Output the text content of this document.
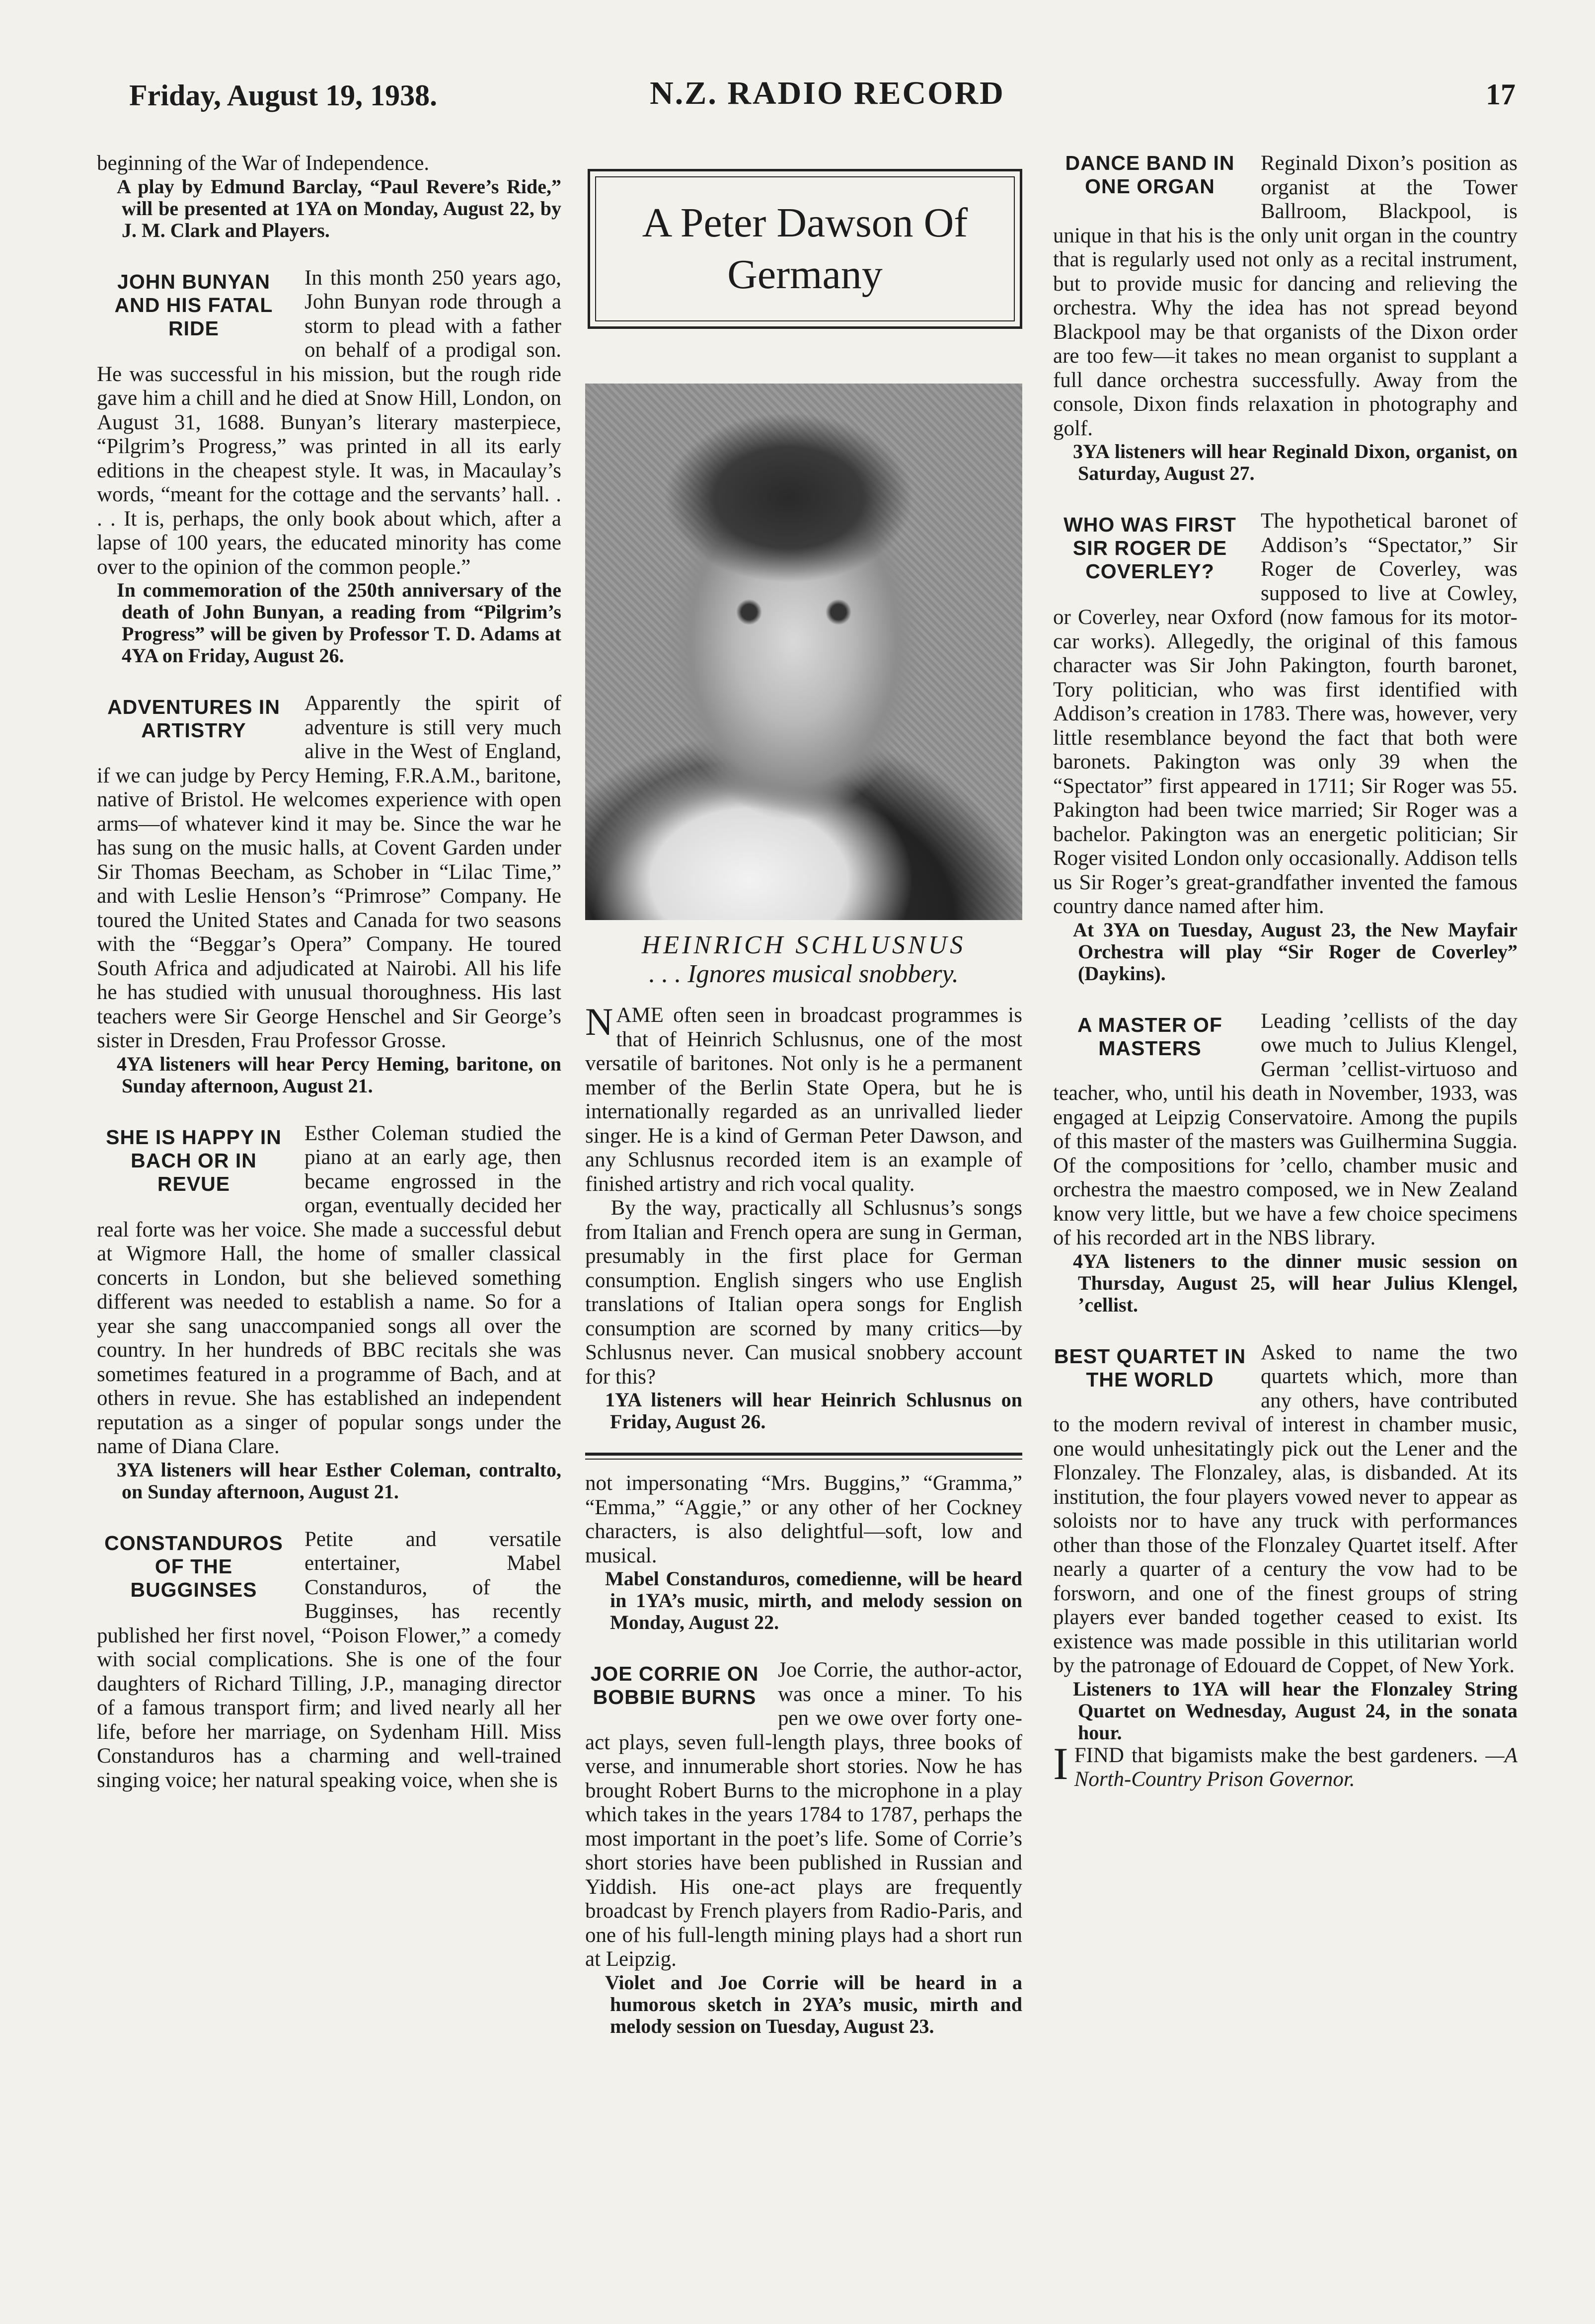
Friday, August 19, 1938.	N.Z. RADIO RECORD	17

beginning of the War of Independence.

A play by Edmund Barclay, “Paul Revere’s Ride,” will be presented at 1YA on Monday, August 22, by J. M. Clark and Players.

JOHN BUNYAN AND HIS FATAL RIDE

In this month 250 years ago, John Bunyan rode through a storm to plead with a father on behalf of a prodigal son. He was successful in his mission, but the rough ride gave him a chill and he died at Snow Hill, London, on August 31, 1688. Bunyan’s literary masterpiece, “Pilgrim’s Progress,” was printed in all its early editions in the cheapest style. It was, in Macaulay’s words, “meant for the cottage and the servants’ hall. . . . It is, perhaps, the only book about which, after a lapse of 100 years, the educated minority has come over to the opinion of the common people.”

In commemoration of the 250th anniversary of the death of John Bunyan, a reading from “Pilgrim’s Progress” will be given by Professor T. D. Adams at 4YA on Friday, August 26.

ADVENTURES IN ARTISTRY

Apparently the spirit of adventure is still very much alive in the West of England, if we can judge by Percy Heming, F.R.A.M., baritone, native of Bristol. He welcomes experience with open arms—of whatever kind it may be. Since the war he has sung on the music halls, at Covent Garden under Sir Thomas Beecham, as Schober in “Lilac Time,” and with Leslie Henson’s “Primrose” Company. He toured the United States and Canada for two seasons with the “Beggar’s Opera” Company. He toured South Africa and adjudicated at Nairobi. All his life he has studied with unusual thoroughness. His last teachers were Sir George Henschel and Sir George’s sister in Dresden, Frau Professor Grosse.

4YA listeners will hear Percy Heming, baritone, on Sunday afternoon, August 21.

SHE IS HAPPY IN BACH OR IN REVUE

Esther Coleman studied the piano at an early age, then became engrossed in the organ, eventually decided her real forte was her voice. She made a successful debut at Wigmore Hall, the home of smaller classical concerts in London, but she believed something different was needed to establish a name. So for a year she sang unaccompanied songs all over the country. In her hundreds of BBC recitals she was sometimes featured in a programme of Bach, and at others in revue. She has established an independent reputation as a singer of popular songs under the name of Diana Clare.

3YA listeners will hear Esther Coleman, contralto, on Sunday afternoon, August 21.

CONSTANDUROS OF THE BUGGINSES

Petite and versatile entertainer, Mabel Constanduros, of the Bugginses, has recently published her first novel, “Poison Flower,” a comedy with social complications. She is one of the four daughters of Richard Tilling, J.P., managing director of a famous transport firm; and lived nearly all her life, before her marriage, on Sydenham Hill. Miss Constanduros has a charming and well-trained singing voice; her natural speaking voice, when she is

A Peter Dawson Of Germany
HEINRICH SCHLUSNUS
. . . Ignores musical snobbery.

NAME often seen in broadcast programmes is that of Heinrich Schlusnus, one of the most versatile of baritones. Not only is he a permanent member of the Berlin State Opera, but he is internationally regarded as an unrivalled lieder singer. He is a kind of German Peter Dawson, and any Schlusnus recorded item is an example of finished artistry and rich vocal quality.

By the way, practically all Schlusnus’s songs from Italian and French opera are sung in German, presumably in the first place for German consumption. English singers who use English translations of Italian opera songs for English consumption are scorned by many critics—by Schlusnus never. Can musical snobbery account for this?

1YA listeners will hear Heinrich Schlusnus on Friday, August 26.

not impersonating “Mrs. Buggins,” “Gramma,” “Emma,” “Aggie,” or any other of her Cockney characters, is also delightful—soft, low and musical.

Mabel Constanduros, comedienne, will be heard in 1YA’s music, mirth, and melody session on Monday, August 22.

JOE CORRIE ON BOBBIE BURNS

Joe Corrie, the author-actor, was once a miner. To his pen we owe over forty one-act plays, seven full-length plays, three books of verse, and innumerable short stories. Now he has brought Robert Burns to the microphone in a play which takes in the years 1784 to 1787, perhaps the most important in the poet’s life. Some of Corrie’s short stories have been published in Russian and Yiddish. His one-act plays are frequently broadcast by French players from Radio-Paris, and one of his full-length mining plays had a short run at Leipzig.

Violet and Joe Corrie will be heard in a humorous sketch in 2YA’s music, mirth and melody session on Tuesday, August 23.

DANCE BAND IN ONE ORGAN

Reginald Dixon’s position as organist at the Tower Ballroom, Blackpool, is unique in that his is the only unit organ in the country that is regularly used not only as a recital instrument, but to provide music for dancing and relieving the orchestra. Why the idea has not spread beyond Blackpool may be that organists of the Dixon order are too few—it takes no mean organist to supplant a full dance orchestra successfully. Away from the console, Dixon finds relaxation in photography and golf.

3YA listeners will hear Reginald Dixon, organist, on Saturday, August 27.

WHO WAS FIRST SIR ROGER DE COVERLEY?

The hypothetical baronet of Addison’s “Spectator,” Sir Roger de Coverley, was supposed to live at Cowley, or Coverley, near Oxford (now famous for its motor-car works). Allegedly, the original of this famous character was Sir John Pakington, fourth baronet, Tory politician, who was first identified with Addison’s creation in 1783. There was, however, very little resemblance beyond the fact that both were baronets. Pakington was only 39 when the “Spectator” first appeared in 1711; Sir Roger was 55. Pakington had been twice married; Sir Roger was a bachelor. Pakington was an energetic politician; Sir Roger visited London only occasionally. Addison tells us Sir Roger’s great-grandfather invented the famous country dance named after him.

At 3YA on Tuesday, August 23, the New Mayfair Orchestra will play “Sir Roger de Coverley” (Daykins).

A MASTER OF MASTERS

Leading ’cellists of the day owe much to Julius Klengel, German ’cellist-virtuoso and teacher, who, until his death in November, 1933, was engaged at Leipzig Conservatoire. Among the pupils of this master of the masters was Guilhermina Suggia. Of the compositions for ’cello, chamber music and orchestra the maestro composed, we in New Zealand know very little, but we have a few choice specimens of his recorded art in the NBS library.

4YA listeners to the dinner music session on Thursday, August 25, will hear Julius Klengel, ’cellist.

BEST QUARTET IN THE WORLD

Asked to name the two quartets which, more than any others, have contributed to the modern revival of interest in chamber music, one would unhesitatingly pick out the Lener and the Flonzaley. The Flonzaley, alas, is disbanded. At its institution, the four players vowed never to appear as soloists nor to have any truck with performances other than those of the Flonzaley Quartet itself. After nearly a quarter of a century the vow had to be forsworn, and one of the finest groups of string players ever banded together ceased to exist. Its existence was made possible in this utilitarian world by the patronage of Edouard de Coppet, of New York.

Listeners to 1YA will hear the Flonzaley String Quartet on Wednesday, August 24, in the sonata hour.

IFIND that bigamists make the best gardeners. —A North-Country Prison Governor.
